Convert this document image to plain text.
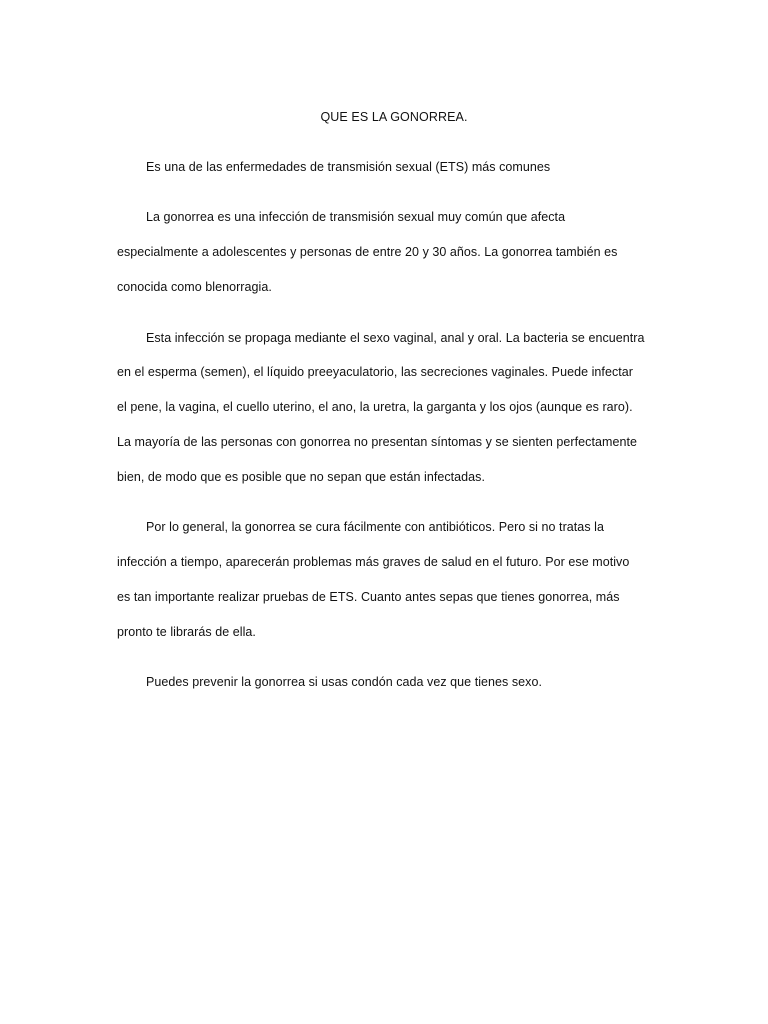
QUE ES LA GONORREA.
Es una de las enfermedades de transmisión sexual (ETS) más comunes
La gonorrea es una infección de transmisión sexual muy común que afecta
especialmente a adolescentes y personas de entre 20 y 30 años. La gonorrea también es
conocida como blenorragia.
Esta infección se propaga mediante el sexo vaginal, anal y oral. La bacteria se encuentra
en el esperma (semen), el líquido preeyaculatorio, las secreciones vaginales. Puede infectar
el pene, la vagina, el cuello uterino, el ano, la uretra, la garganta y los ojos (aunque es raro).
La mayoría de las personas con gonorrea no presentan síntomas y se sienten perfectamente
bien, de modo que es posible que no sepan que están infectadas.
Por lo general, la gonorrea se cura fácilmente con antibióticos. Pero si no tratas la
infección a tiempo, aparecerán problemas más graves de salud en el futuro. Por ese motivo
es tan importante realizar pruebas de ETS. Cuanto antes sepas que tienes gonorrea, más
pronto te librarás de ella.
Puedes prevenir la gonorrea si usas condón cada vez que tienes sexo.
